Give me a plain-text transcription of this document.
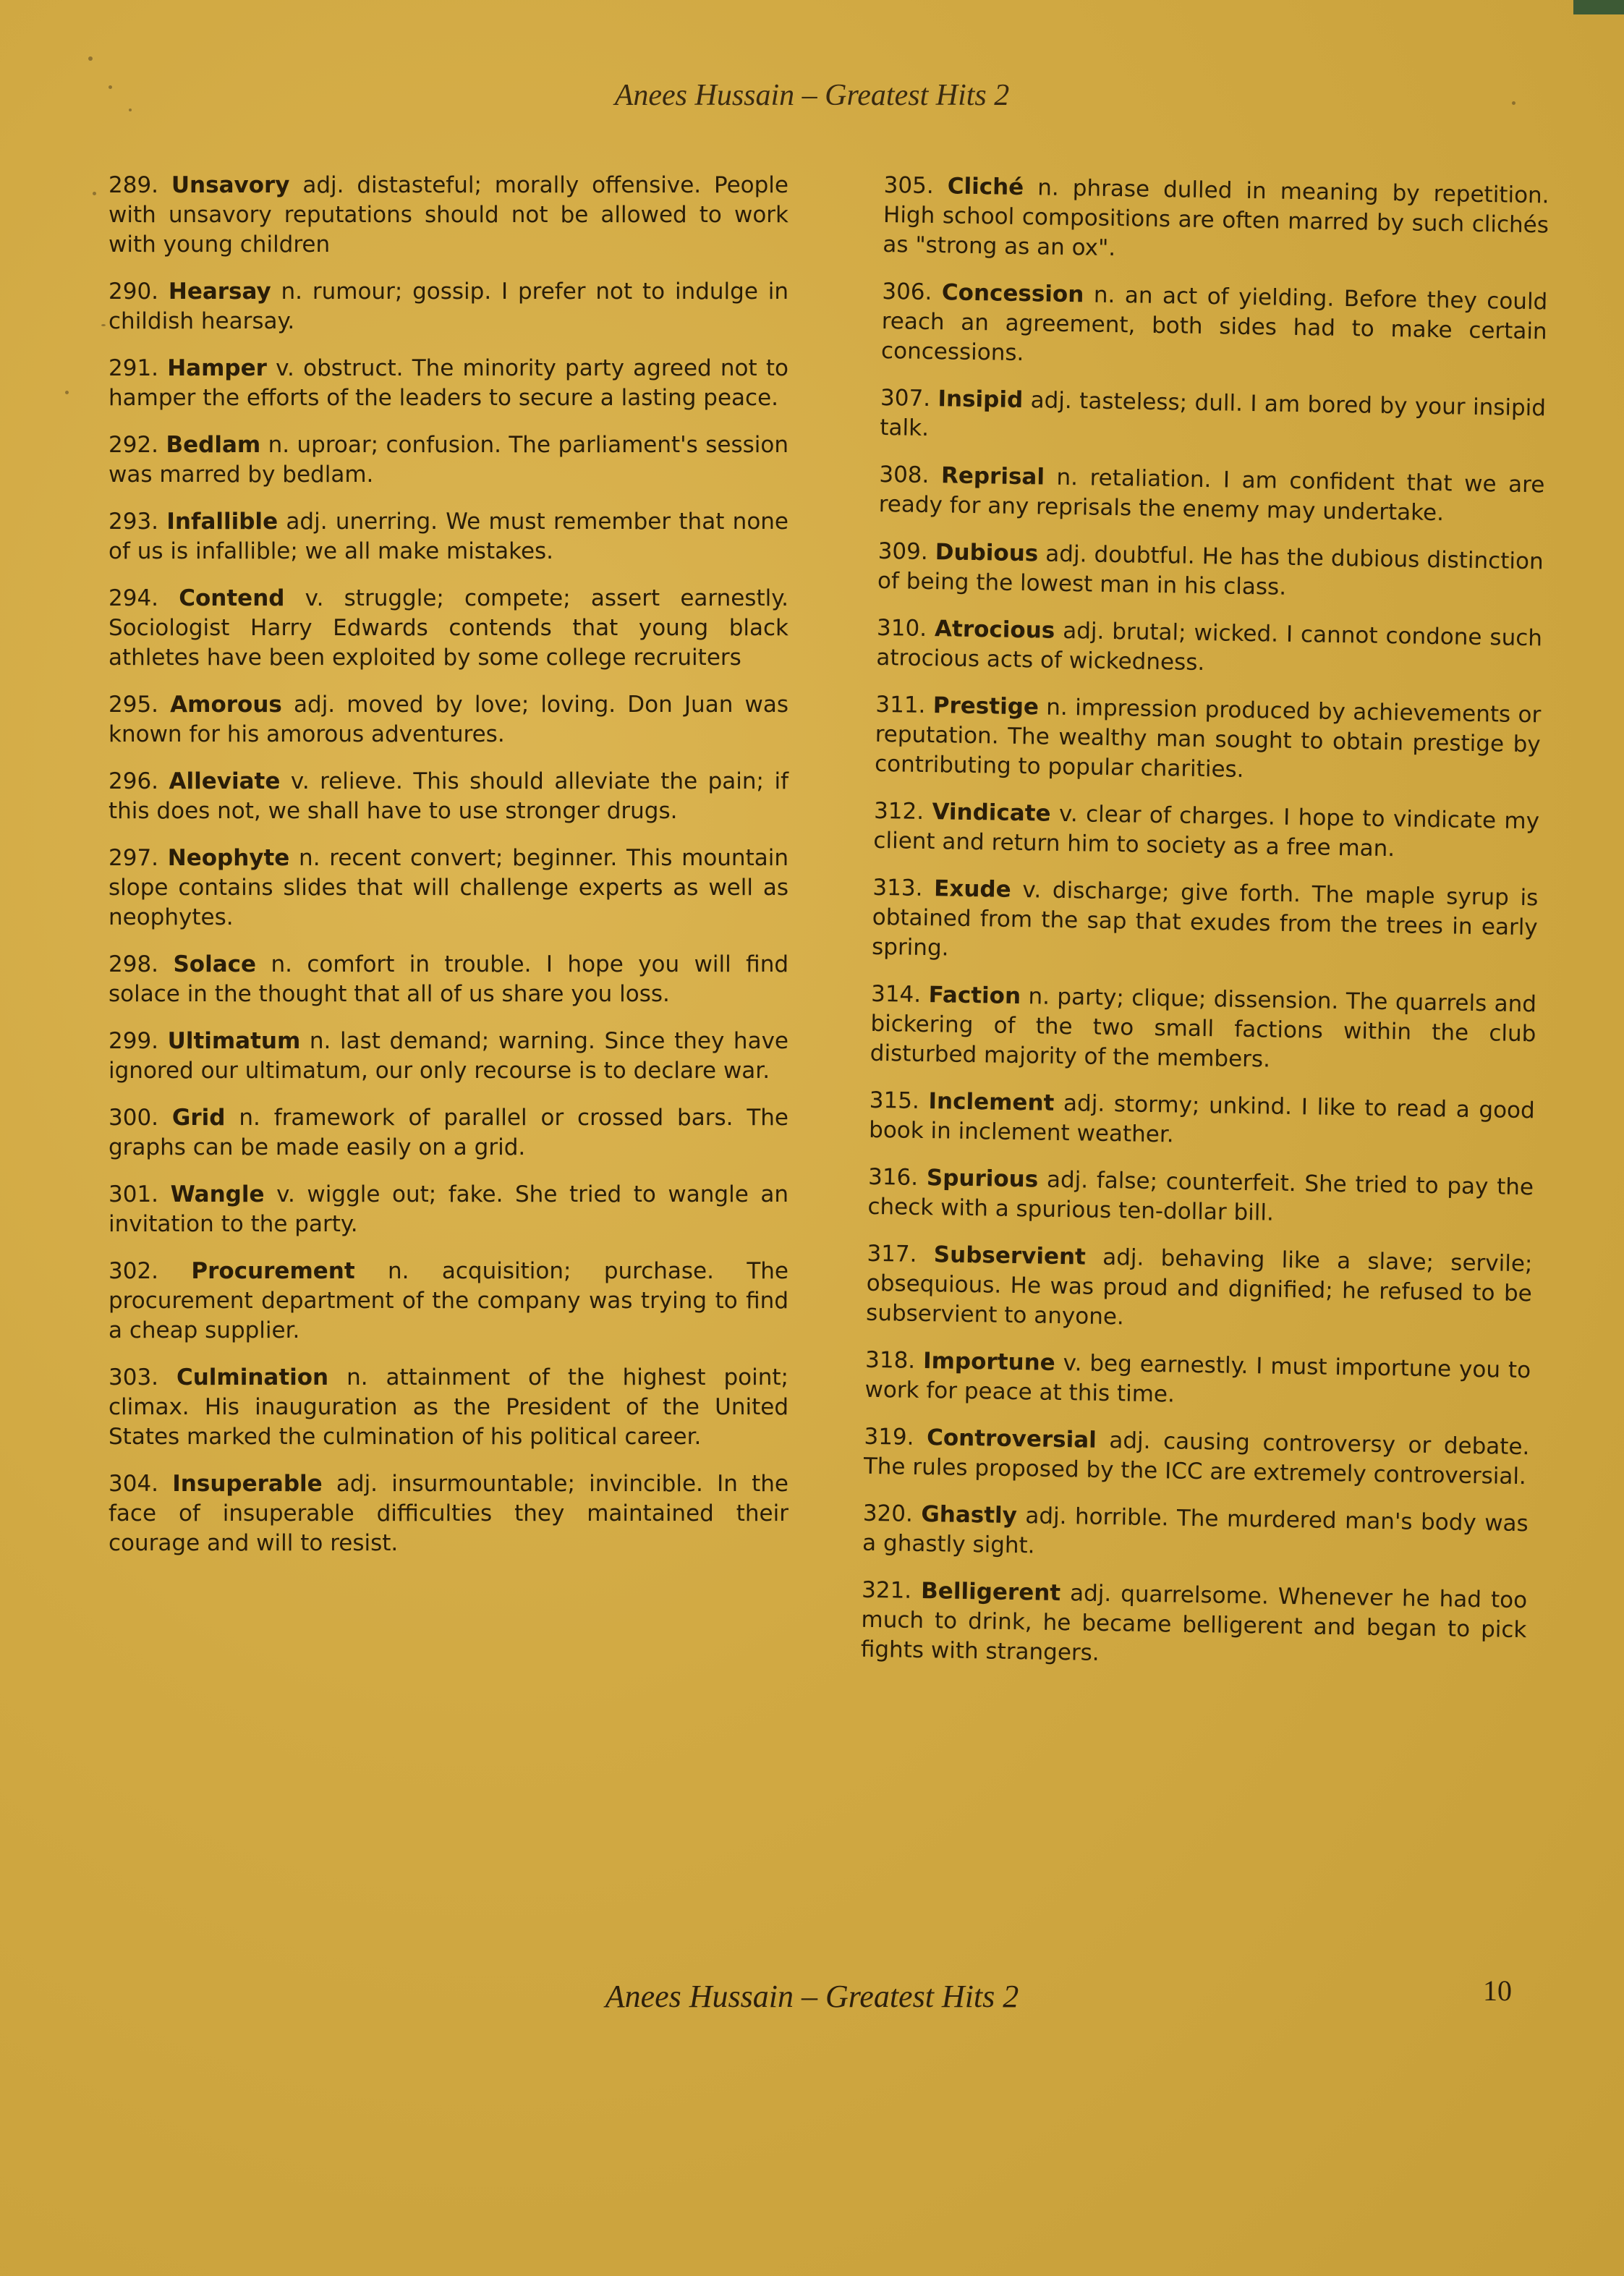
Anees Hussain – Greatest Hits 2

289. Unsavory adj. distasteful; morally offensive. People with unsavory reputations should not be allowed to work with young children

290. Hearsay n. rumour; gossip. I prefer not to indulge in childish hearsay.

291. Hamper v. obstruct. The minority party agreed not to hamper the efforts of the leaders to secure a lasting peace.

292. Bedlam n. uproar; confusion. The parliament's session was marred by bedlam.

293. Infallible adj. unerring. We must remember that none of us is infallible; we all make mistakes.

294. Contend v. struggle; compete; assert earnestly. Sociologist Harry Edwards contends that young black athletes have been exploited by some college recruiters

295. Amorous adj. moved by love; loving. Don Juan was known for his amorous adventures.

296. Alleviate v. relieve. This should alleviate the pain; if this does not, we shall have to use stronger drugs.

297. Neophyte n. recent convert; beginner. This mountain slope contains slides that will challenge experts as well as neophytes.

298. Solace n. comfort in trouble. I hope you will find solace in the thought that all of us share you loss.

299. Ultimatum n. last demand; warning. Since they have ignored our ultimatum, our only recourse is to declare war.

300. Grid n. framework of parallel or crossed bars. The graphs can be made easily on a grid.

301. Wangle v. wiggle out; fake. She tried to wangle an invitation to the party.

302. Procurement n. acquisition; purchase. The procurement department of the company was trying to find a cheap supplier.

303. Culmination n. attainment of the highest point; climax. His inauguration as the President of the United States marked the culmination of his political career.

304. Insuperable adj. insurmountable; invincible. In the face of insuperable difficulties they maintained their courage and will to resist.

305. Cliché n. phrase dulled in meaning by repetition. High school compositions are often marred by such clichés as "strong as an ox".

306. Concession n. an act of yielding. Before they could reach an agreement, both sides had to make certain concessions.

307. Insipid adj. tasteless; dull. I am bored by your insipid talk.

308. Reprisal n. retaliation. I am confident that we are ready for any reprisals the enemy may undertake.

309. Dubious adj. doubtful. He has the dubious distinction of being the lowest man in his class.

310. Atrocious adj. brutal; wicked. I cannot condone such atrocious acts of wickedness.

311. Prestige n. impression produced by achievements or reputation. The wealthy man sought to obtain prestige by contributing to popular charities.

312. Vindicate v. clear of charges. I hope to vindicate my client and return him to society as a free man.

313. Exude v. discharge; give forth. The maple syrup is obtained from the sap that exudes from the trees in early spring.

314. Faction n. party; clique; dissension. The quarrels and bickering of the two small factions within the club disturbed majority of the members.

315. Inclement adj. stormy; unkind. I like to read a good book in inclement weather.

316. Spurious adj. false; counterfeit. She tried to pay the check with a spurious ten-dollar bill.

317. Subservient adj. behaving like a slave; servile; obsequious. He was proud and dignified; he refused to be subservient to anyone.

318. Importune v. beg earnestly. I must importune you to work for peace at this time.

319. Controversial adj. causing controversy or debate. The rules proposed by the ICC are extremely controversial.

320. Ghastly adj. horrible. The murdered man's body was a ghastly sight.

321. Belligerent adj. quarrelsome. Whenever he had too much to drink, he became belligerent and began to pick fights with strangers.

Anees Hussain – Greatest Hits 2	10
